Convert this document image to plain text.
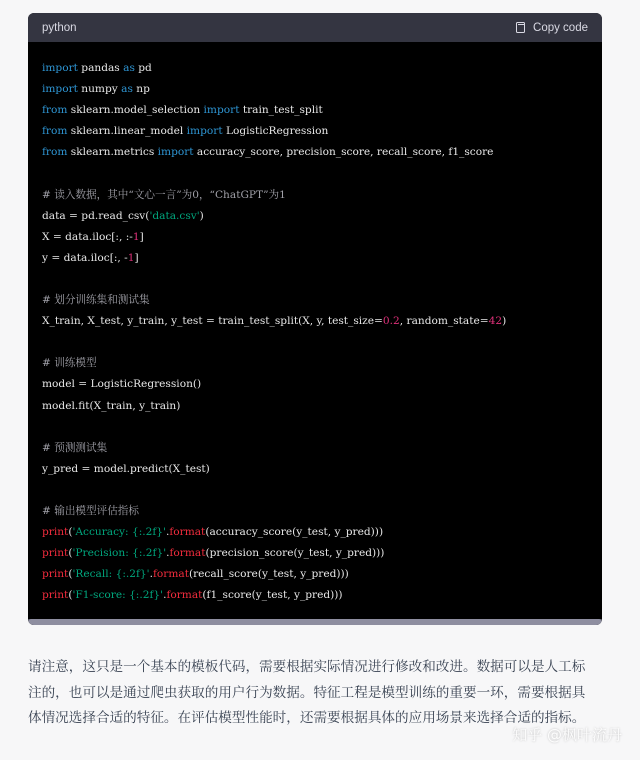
python	Copy code
import pandas as pd
import numpy as np
from sklearn.model_selection import train_test_split
from sklearn.linear_model import LogisticRegression
from sklearn.metrics import accuracy_score, precision_score, recall_score, f1_score

# 读入数据，其中“文心一言”为0，“ChatGPT”为1
data = pd.read_csv('data.csv')
X = data.iloc[:, :-1]
y = data.iloc[:, -1]

# 划分训练集和测试集
X_train, X_test, y_train, y_test = train_test_split(X, y, test_size=0.2, random_state=42)

# 训练模型
model = LogisticRegression()
model.fit(X_train, y_train)

# 预测测试集
y_pred = model.predict(X_test)

# 输出模型评估指标
print('Accuracy: {:.2f}'.format(accuracy_score(y_test, y_pred)))
print('Precision: {:.2f}'.format(precision_score(y_test, y_pred)))
print('Recall: {:.2f}'.format(recall_score(y_test, y_pred)))
print('F1-score: {:.2f}'.format(f1_score(y_test, y_pred)))
请注意，这只是一个基本的模板代码，需要根据实际情况进行修改和改进。数据可以是人工标注的，也可以是通过爬虫获取的用户行为数据。特征工程是模型训练的重要一环，需要根据具体情况选择合适的特征。在评估模型性能时，还需要根据具体的应用场景来选择合适的指标。
知乎 @枫叶流丹
